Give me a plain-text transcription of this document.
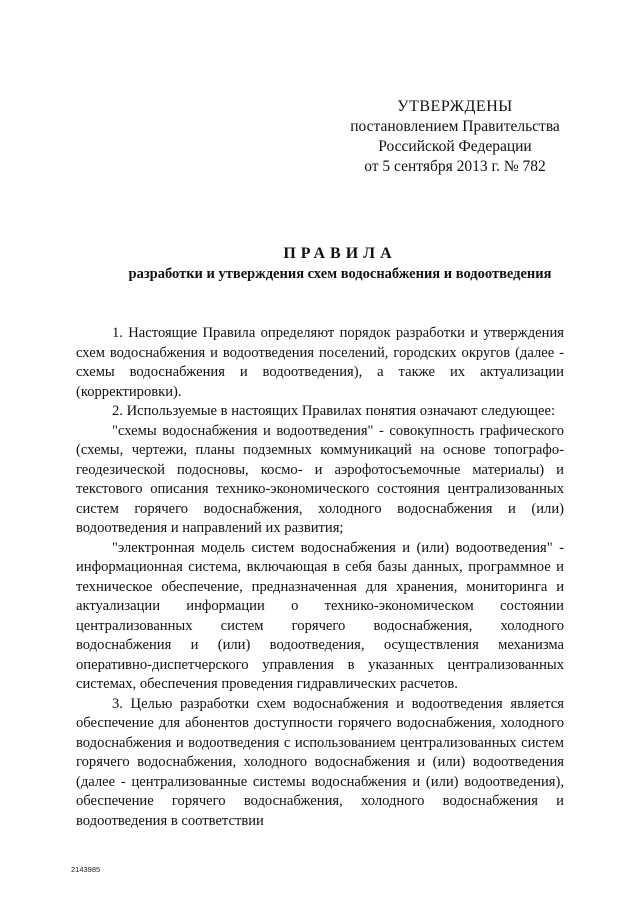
УТВЕРЖДЕНЫ
постановлением Правительства
Российской Федерации
от 5 сентября 2013 г. № 782
ПРАВИЛА
разработки и утверждения схем водоснабжения и водоотведения

1. Настоящие Правила определяют порядок разработки и утверждения схем водоснабжения и водоотведения поселений, городских округов (далее - схемы водоснабжения и водоотведения), а также их актуализации (корректировки).

2. Используемые в настоящих Правилах понятия означают следующее:

"схемы водоснабжения и водоотведения" - совокупность графического (схемы, чертежи, планы подземных коммуникаций на основе топографо-геодезической подосновы, космо- и аэрофотосъемочные материалы) и текстового описания технико-экономического состояния централизованных систем горячего водоснабжения, холодного водоснабжения и (или) водоотведения и направлений их развития;

"электронная модель систем водоснабжения и (или) водоотведения" - информационная система, включающая в себя базы данных, программное и техническое обеспечение, предназначенная для хранения, мониторинга и актуализации информации о технико-экономическом состоянии централизованных систем горячего водоснабжения, холодного водоснабжения и (или) водоотведения, осуществления механизма оперативно-диспетчерского управления в указанных централизованных системах, обеспечения проведения гидравлических расчетов.

3. Целью разработки схем водоснабжения и водоотведения является обеспечение для абонентов доступности горячего водоснабжения, холодного водоснабжения и водоотведения с использованием централизованных систем горячего водоснабжения, холодного водоснабжения и (или) водоотведения (далее - централизованные системы водоснабжения и (или) водоотведения), обеспечение горячего водоснабжения, холодного водоснабжения и водоотведения в соответствии

2143985
